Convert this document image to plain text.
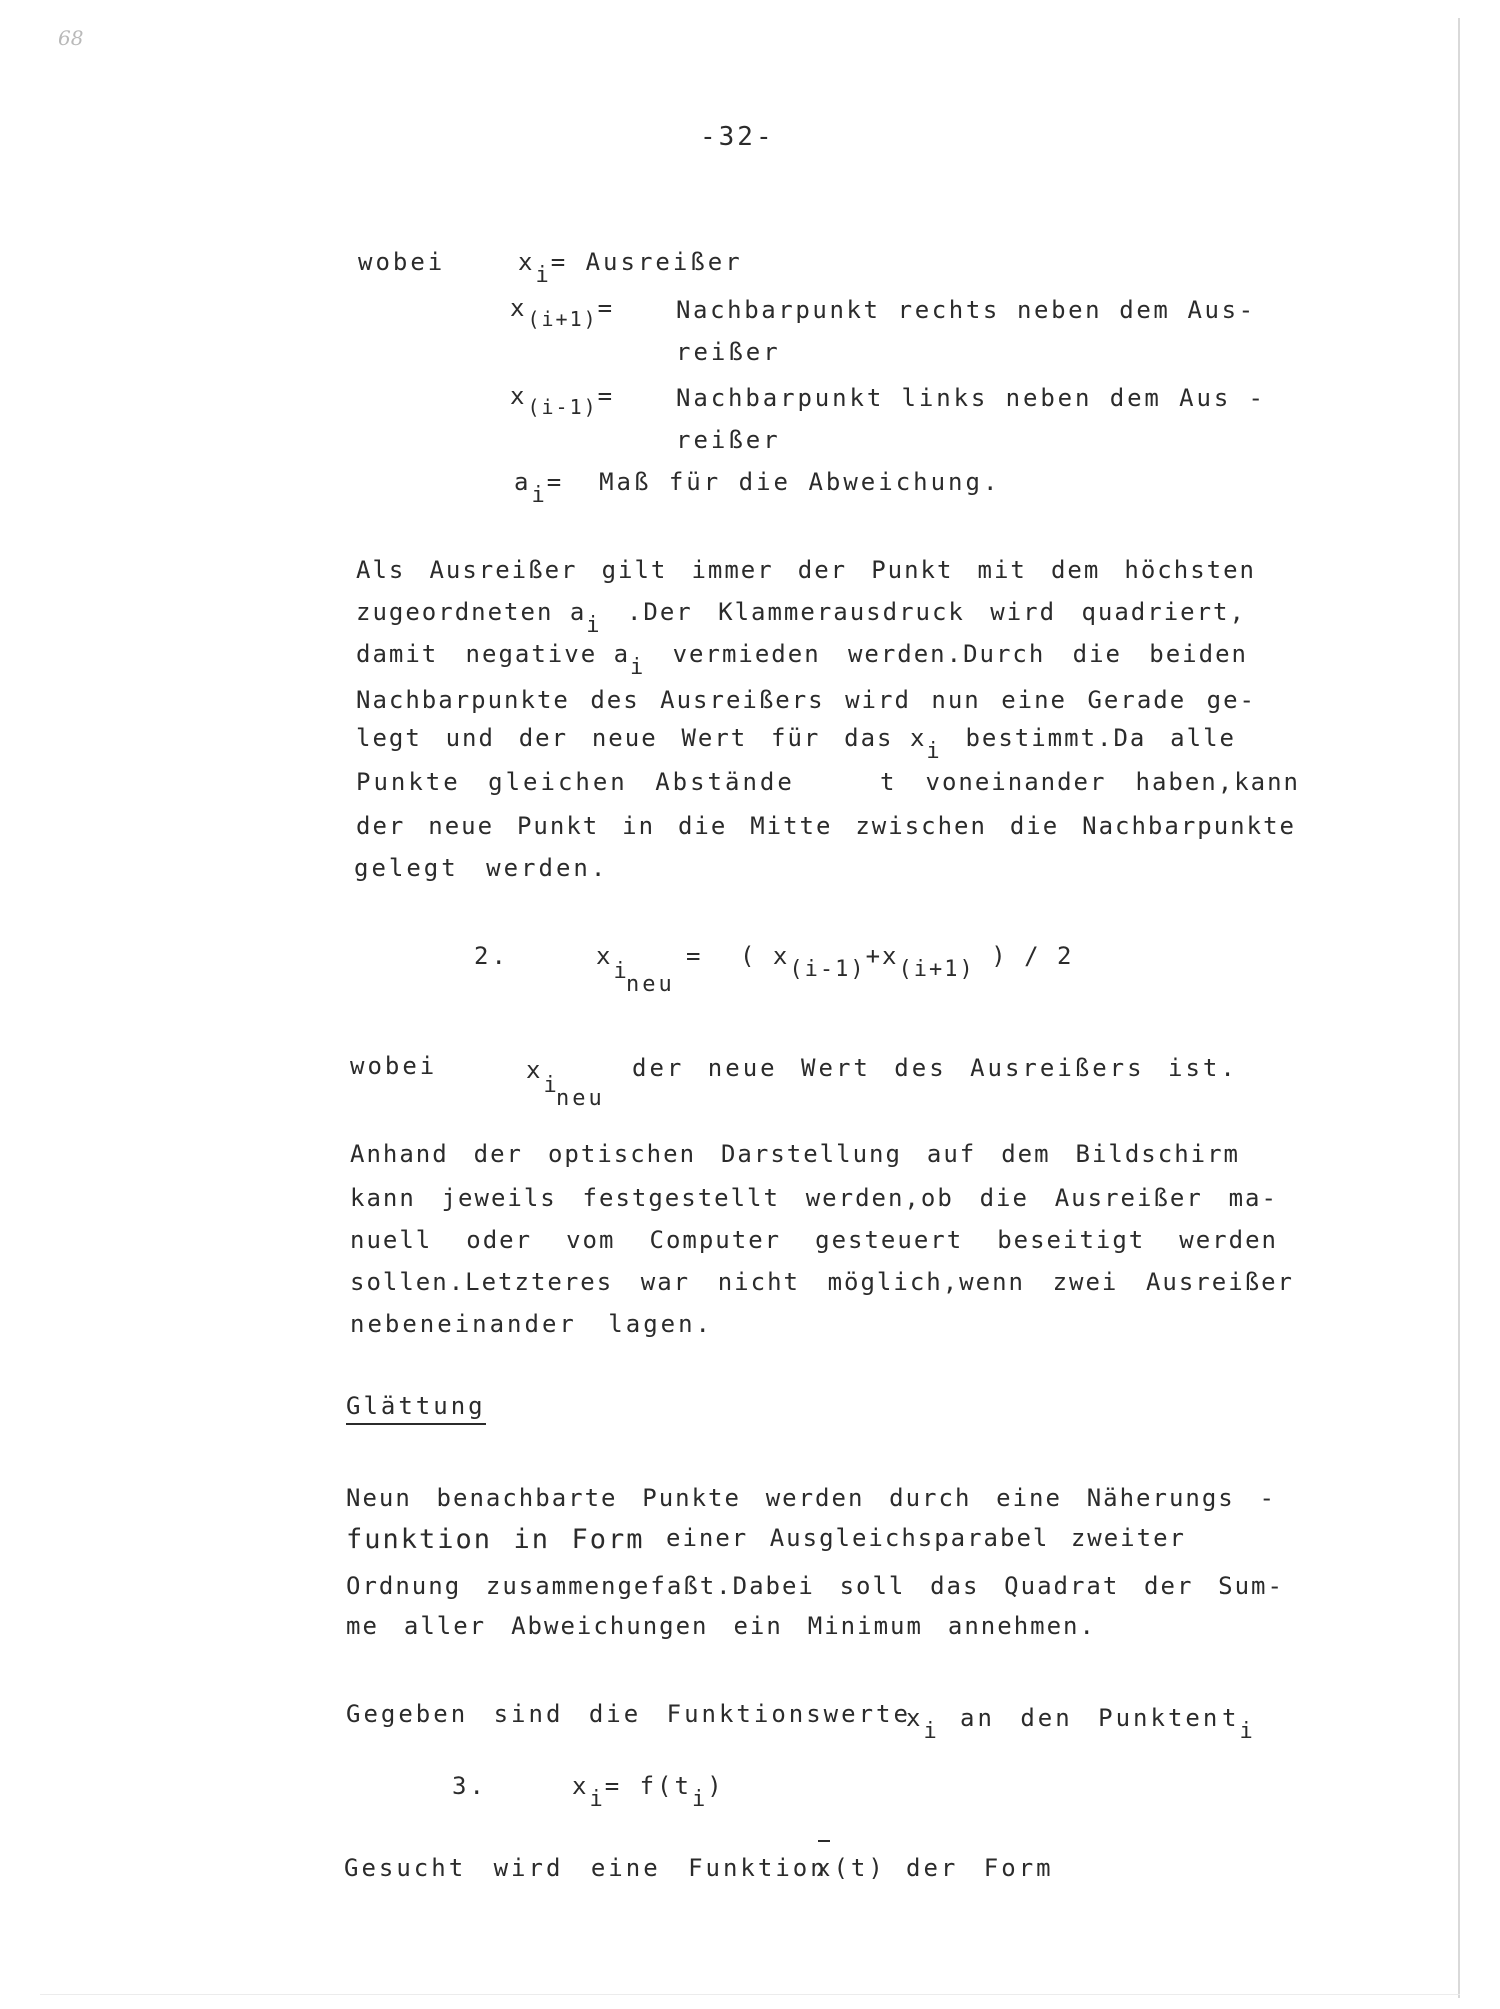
68
-32-
wobei	xi= Ausreißer
$x_{(i+1)}=$	Nachbarpunkt rechts neben dem Aus-
reißer
$x_{(i-1)}=$	Nachbarpunkt links neben dem Aus -
reißer
ai= Maß für die Abweichung.
Als Ausreißer gilt immer der Punkt mit dem höchsten
zugeordneten ai .Der Klammerausdruck wird quadriert,
damit negative ai vermieden werden.Durch die beiden
Nachbarpunkte des Ausreißers wird nun eine Gerade ge-
legt und der neue Wert für das xi bestimmt.Da alle
Punkte gleichen Abstände	t voneinander haben,kann
der neue Punkt in die Mitte zwischen die Nachbarpunkte
gelegt werden.
2.	xi
neu
= ( x(i-1)+x(i+1) ) / 2
wobei	xi
neu
der neue Wert des Ausreißers ist.
Anhand der optischen Darstellung auf dem Bildschirm
kann jeweils festgestellt werden,ob die Ausreißer ma-
nuell oder vom Computer gesteuert beseitigt werden
sollen.Letzteres war nicht möglich,wenn zwei Ausreißer
nebeneinander lagen.
Glättung
Neun benachbarte Punkte werden durch eine Näherungs -
funktion in Form einer Ausgleichsparabel zweiter
Ordnung zusammengefaßt.Dabei soll das Quadrat der Sum-
me aller Abweichungen ein Minimum annehmen.
Gegeben sind die Funktionswerte
xi an den Punkten ti
3.	xi= f(ti)
Gesucht wird eine Funktion
x(t) der Form
